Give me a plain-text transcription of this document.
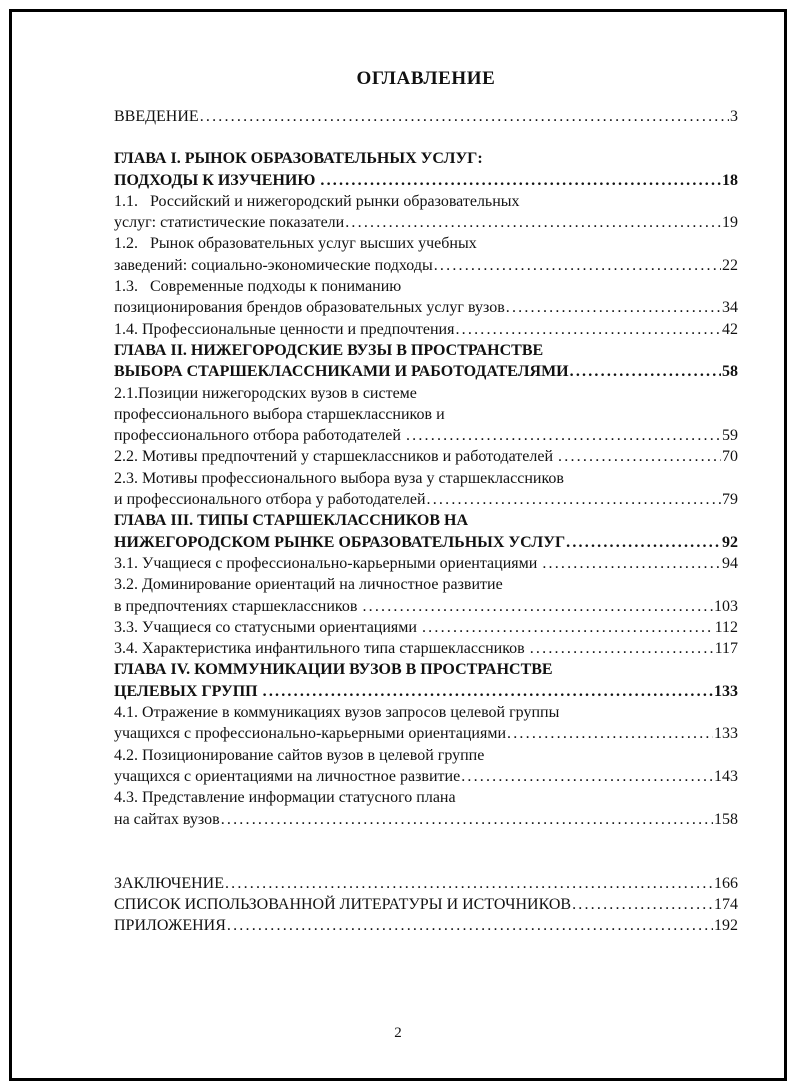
ОГЛАВЛЕНИЕ
ВВЕДЕНИЕ .....	3
ГЛАВА I. РЫНОК ОБРАЗОВАТЕЛЬНЫХ УСЛУГ:
ПОДХОДЫ К ИЗУЧЕНИЮ .....	18
1.1.   Российский и нижегородский рынки образовательных
услуг: статистические показатели .....	19
1.2.   Рынок образовательных услуг высших учебных
заведений: социально-экономические подходы .....	22
1.3.   Современные подходы к пониманию
позиционирования брендов образовательных услуг вузов .....	34
1.4. Профессиональные ценности и предпочтения .....	42
ГЛАВА II. НИЖЕГОРОДСКИЕ ВУЗЫ В ПРОСТРАНСТВЕ
ВЫБОРА СТАРШЕКЛАССНИКАМИ И РАБОТОДАТЕЛЯМИ .....	58
2.1.Позиции нижегородских вузов в системе
профессионального выбора старшеклассников и
профессионального отбора работодателей .....	59
2.2. Мотивы предпочтений у старшеклассников и работодателей .....	70
2.3. Мотивы профессионального выбора вуза у старшеклассников
и профессионального отбора у работодателей .....	79
ГЛАВА III. ТИПЫ СТАРШЕКЛАССНИКОВ НА
НИЖЕГОРОДСКОМ РЫНКЕ ОБРАЗОВАТЕЛЬНЫХ УСЛУГ .....	92
3.1. Учащиеся с профессионально-карьерными ориентациями .....	94
3.2. Доминирование ориентаций на личностное развитие
в предпочтениях старшеклассников .....	103
3.3. Учащиеся со статусными ориентациями .....	112
3.4. Характеристика инфантильного типа старшеклассников .....	117
ГЛАВА IV. КОММУНИКАЦИИ ВУЗОВ В ПРОСТРАНСТВЕ
ЦЕЛЕВЫХ ГРУПП .....	133
4.1. Отражение в коммуникациях вузов запросов целевой группы
учащихся с профессионально-карьерными ориентациями .....	133
4.2. Позиционирование сайтов вузов в целевой группе
учащихся с ориентациями на личностное развитие .....	143
4.3. Представление информации статусного плана
на сайтах вузов .....	158
ЗАКЛЮЧЕНИЕ .....	166
СПИСОК ИСПОЛЬЗОВАННОЙ ЛИТЕРАТУРЫ И ИСТОЧНИКОВ .....	174
ПРИЛОЖЕНИЯ .....	192
2
